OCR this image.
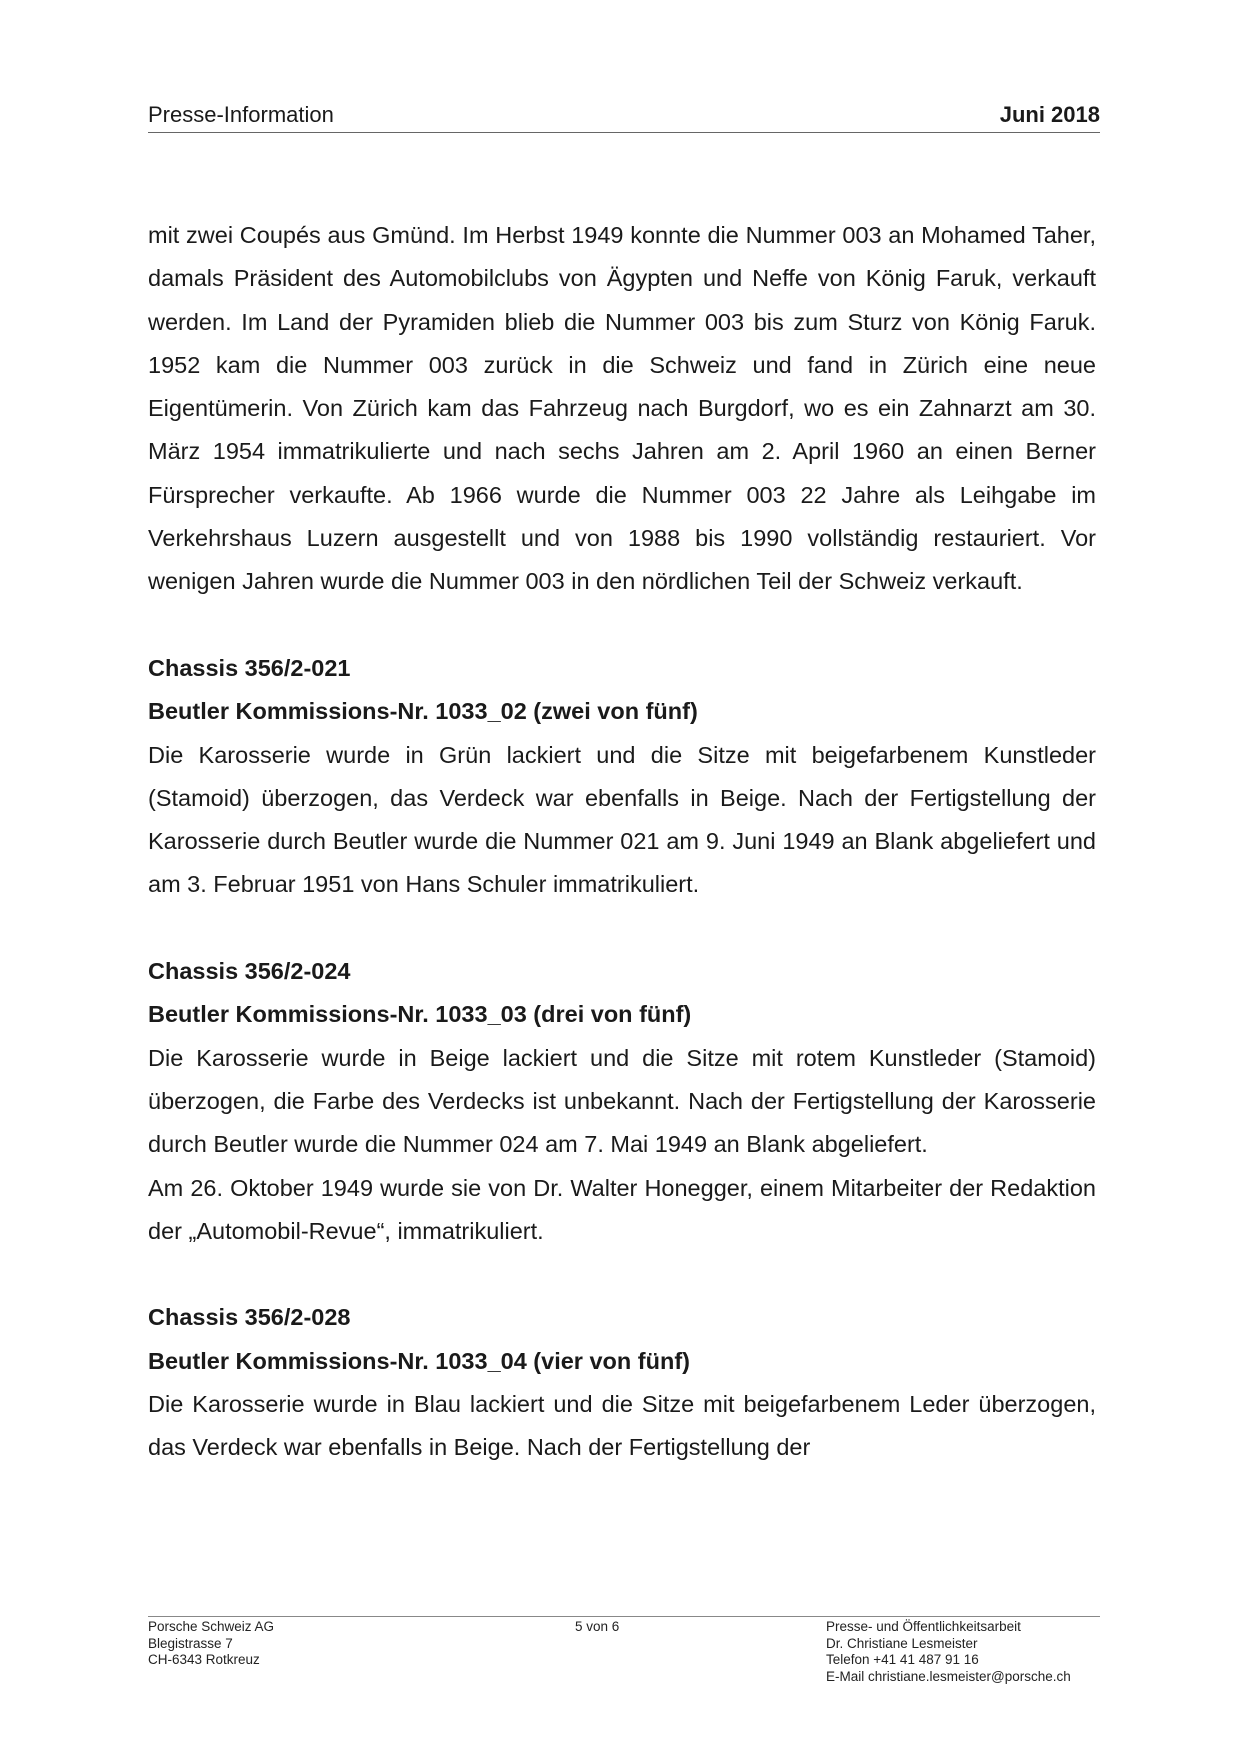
Presse-Information	Juni 2018

mit zwei Coupés aus Gmünd. Im Herbst 1949 konnte die Nummer 003 an Mohamed Taher, damals Präsident des Automobilclubs von Ägypten und Neffe von König Faruk, verkauft werden. Im Land der Pyramiden blieb die Nummer 003 bis zum Sturz von König Faruk. 1952 kam die Nummer 003 zurück in die Schweiz und fand in Zürich eine neue Eigentümerin. Von Zürich kam das Fahrzeug nach Burgdorf, wo es ein Zahnarzt am 30. März 1954 immatrikulierte und nach sechs Jahren am 2. April 1960 an einen Berner Fürsprecher verkaufte. Ab 1966 wurde die Nummer 003 22 Jahre als Leihgabe im Verkehrshaus Luzern ausgestellt und von 1988 bis 1990 vollständig restauriert. Vor wenigen Jahren wurde die Nummer 003 in den nördlichen Teil der Schweiz verkauft.

Chassis 356/2-021
Beutler Kommissions-Nr. 1033_02 (zwei von fünf)

Die Karosserie wurde in Grün lackiert und die Sitze mit beigefarbenem Kunstleder (Stamoid) überzogen, das Verdeck war ebenfalls in Beige. Nach der Fertigstellung der Karosserie durch Beutler wurde die Nummer 021 am 9. Juni 1949 an Blank abgeliefert und am 3. Februar 1951 von Hans Schuler immatrikuliert.

Chassis 356/2-024
Beutler Kommissions-Nr. 1033_03 (drei von fünf)

Die Karosserie wurde in Beige lackiert und die Sitze mit rotem Kunstleder (Stamoid) überzogen, die Farbe des Verdecks ist unbekannt. Nach der Fertigstellung der Karosserie durch Beutler wurde die Nummer 024 am 7. Mai 1949 an Blank abgeliefert.

Am 26. Oktober 1949 wurde sie von Dr. Walter Honegger, einem Mitarbeiter der Redaktion der „Automobil-Revue“, immatrikuliert.

Chassis 356/2-028
Beutler Kommissions-Nr. 1033_04 (vier von fünf)

Die Karosserie wurde in Blau lackiert und die Sitze mit beigefarbenem Leder überzogen, das Verdeck war ebenfalls in Beige. Nach der Fertigstellung der

Porsche Schweiz AG
Blegistrasse 7
CH-6343 Rotkreuz
5 von 6	Presse- und Öffentlichkeitsarbeit
Dr. Christiane Lesmeister
Telefon +41 41 487 91 16
E-Mail christiane.lesmeister@porsche.ch
